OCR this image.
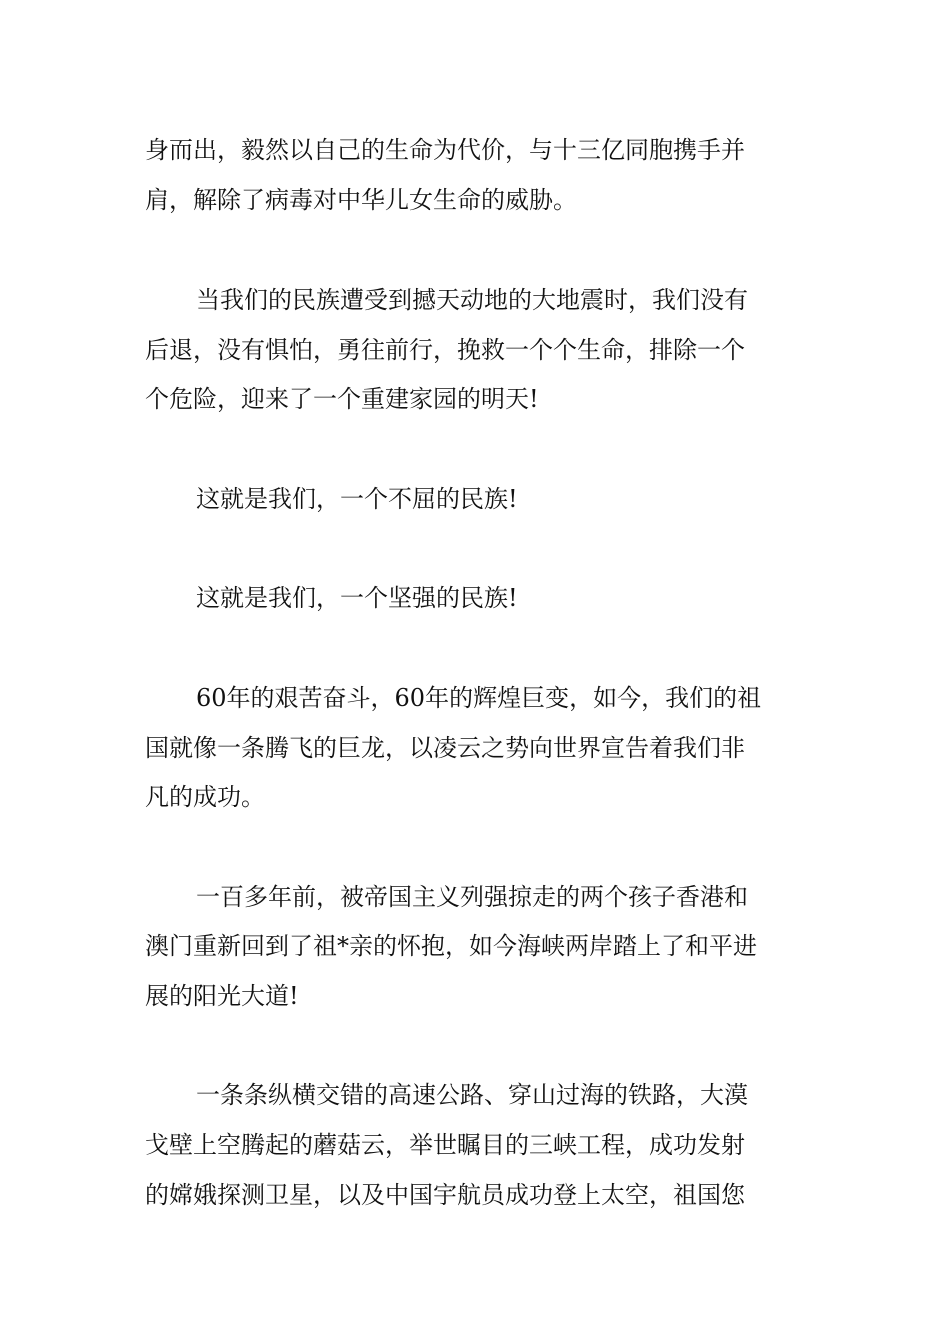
身而出，毅然以自己的生命为代价，与十三亿同胞携手并

肩，解除了病毒对中华儿女生命的威胁。

当我们的民族遭受到撼天动地的大地震时，我们没有

后退，没有惧怕，勇往前行，挽救一个个生命，排除一个

个危险，迎来了一个重建家园的明天!

这就是我们，一个不屈的民族!

这就是我们，一个坚强的民族!

60年的艰苦奋斗，60年的辉煌巨变，如今，我们的祖

国就像一条腾飞的巨龙，以凌云之势向世界宣告着我们非

凡的成功。

一百多年前，被帝国主义列强掠走的两个孩子香港和

澳门重新回到了祖*亲的怀抱，如今海峡两岸踏上了和平进

展的阳光大道!

一条条纵横交错的高速公路、穿山过海的铁路，大漠

戈壁上空腾起的蘑菇云，举世瞩目的三峡工程，成功发射

的嫦娥探测卫星，以及中国宇航员成功登上太空，祖国您
